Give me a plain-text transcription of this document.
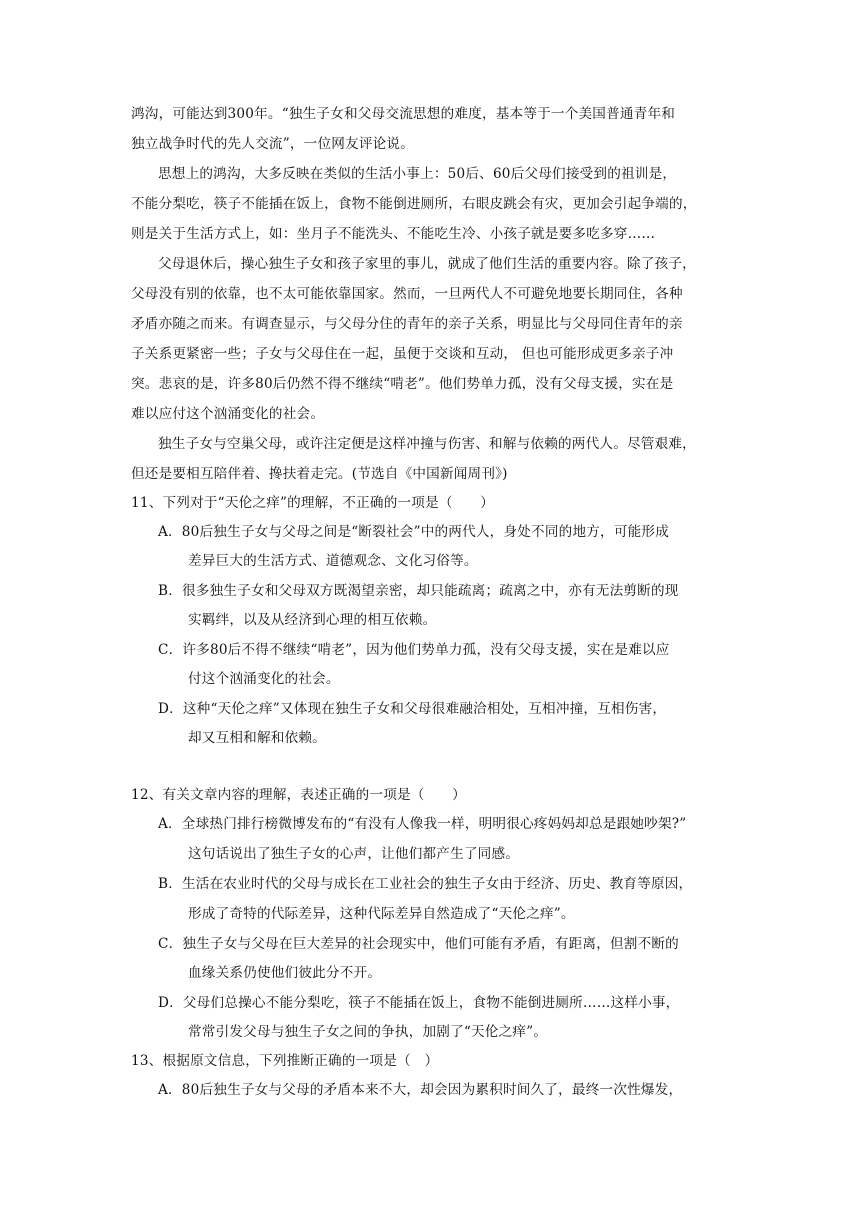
鸿沟，可能达到300年。“独生子女和父母交流思想的难度，基本等于一个美国普通青年和
独立战争时代的先人交流”，一位网友评论说。
思想上的鸿沟，大多反映在类似的生活小事上：50后、60后父母们接受到的祖训是，
不能分梨吃，筷子不能插在饭上，食物不能倒进厕所，右眼皮跳会有灾，更加会引起争端的，
则是关于生活方式上，如：坐月子不能洗头、不能吃生冷、小孩子就是要多吃多穿……
父母退休后，操心独生子女和孩子家里的事儿，就成了他们生活的重要内容。除了孩子，
父母没有别的依靠，也不太可能依靠国家。然而，一旦两代人不可避免地要长期同住，各种
矛盾亦随之而来。有调查显示，与父母分住的青年的亲子关系，明显比与父母同住青年的亲
子关系更紧密一些；子女与父母住在一起，虽便于交谈和互动， 但也可能形成更多亲子冲
突。悲哀的是，许多80后仍然不得不继续“啃老”。他们势单力孤，没有父母支援，实在是
难以应付这个汹涌变化的社会。
独生子女与空巢父母，或许注定便是这样冲撞与伤害、和解与依赖的两代人。尽管艰难，
但还是要相互陪伴着、搀扶着走完。(节选自《中国新闻周刊》)
11、下列对于“天伦之痒”的理解，不正确的一项是（　　）
A．80后独生子女与父母之间是“断裂社会”中的两代人，身处不同的地方，可能形成
差异巨大的生活方式、道德观念、文化习俗等。
B．很多独生子女和父母双方既渴望亲密，却只能疏离；疏离之中，亦有无法剪断的现
实羁绊，以及从经济到心理的相互依赖。
C．许多80后不得不继续“啃老”，因为他们势单力孤，没有父母支援，实在是难以应
付这个汹涌变化的社会。
D．这种“天伦之痒”又体现在独生子女和父母很难融洽相处，互相冲撞，互相伤害，
却又互相和解和依赖。
12、有关文章内容的理解，表述正确的一项是（　　）
A．全球热门排行榜微博发布的“有没有人像我一样，明明很心疼妈妈却总是跟她吵架?”
这句话说出了独生子女的心声，让他们都产生了同感。
B．生活在农业时代的父母与成长在工业社会的独生子女由于经济、历史、教育等原因，
形成了奇特的代际差异，这种代际差异自然造成了“天伦之痒”。
C．独生子女与父母在巨大差异的社会现实中，他们可能有矛盾，有距离，但割不断的
血缘关系仍使他们彼此分不开。
D．父母们总操心不能分梨吃，筷子不能插在饭上，食物不能倒进厕所……这样小事，
常常引发父母与独生子女之间的争执，加剧了“天伦之痒”。
13、根据原文信息，下列推断正确的一项是（　）
A．80后独生子女与父母的矛盾本来不大，却会因为累积时间久了，最终一次性爆发，
